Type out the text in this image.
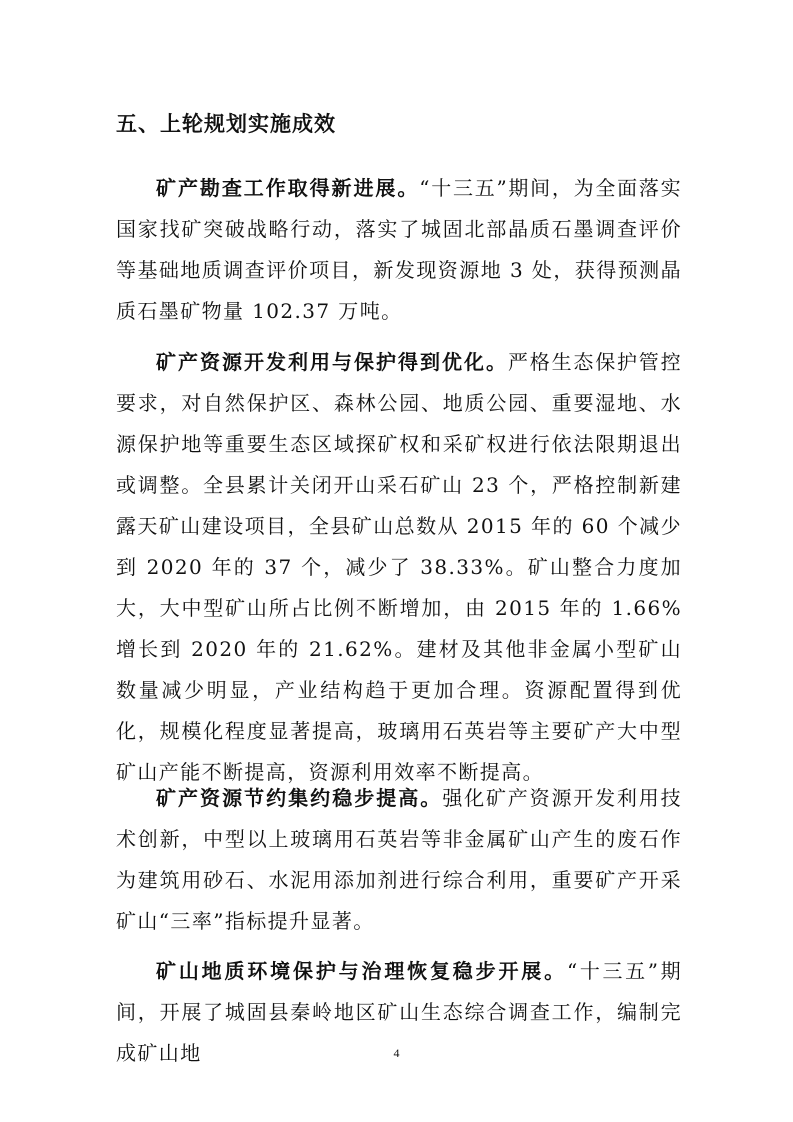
五、上轮规划实施成效

矿产勘查工作取得新进展。“十三五”期间，为全面落实国家找矿突破战略行动，落实了城固北部晶质石墨调查评价等基础地质调查评价项目，新发现资源地 3 处，获得预测晶质石墨矿物量 102.37 万吨。

矿产资源开发利用与保护得到优化。严格生态保护管控要求，对自然保护区、森林公园、地质公园、重要湿地、水源保护地等重要生态区域探矿权和采矿权进行依法限期退出或调整。全县累计关闭开山采石矿山 23 个，严格控制新建露天矿山建设项目，全县矿山总数从 2015 年的 60 个减少到 2020 年的 37 个，减少了 38.33%。矿山整合力度加大，大中型矿山所占比例不断增加，由 2015 年的 1.66%增长到 2020 年的 21.62%。建材及其他非金属小型矿山数量减少明显，产业结构趋于更加合理。资源配置得到优化，规模化程度显著提高，玻璃用石英岩等主要矿产大中型矿山产能不断提高，资源利用效率不断提高。

矿产资源节约集约稳步提高。强化矿产资源开发利用技术创新，中型以上玻璃用石英岩等非金属矿山产生的废石作为建筑用砂石、水泥用添加剂进行综合利用，重要矿产开采矿山“三率”指标提升显著。

矿山地质环境保护与治理恢复稳步开展。“十三五”期间，开展了城固县秦岭地区矿山生态综合调查工作，编制完成矿山地	4
